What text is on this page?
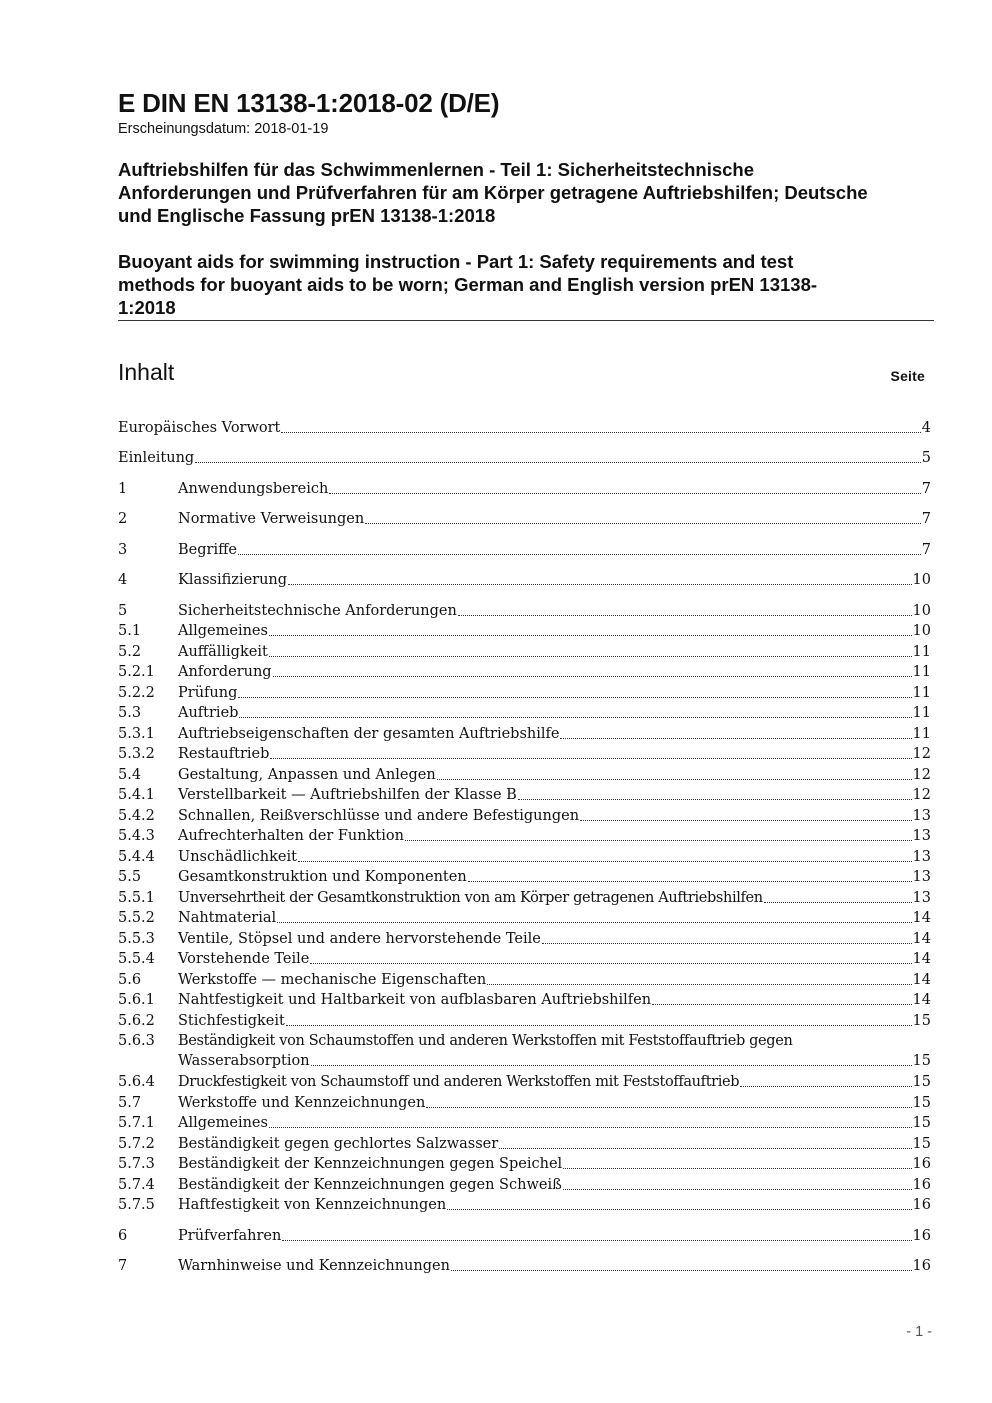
E DIN EN 13138-1:2018-02 (D/E)
Erscheinungsdatum: 2018-01-19
Auftriebshilfen für das Schwimmenlernen - Teil 1: Sicherheitstechnische
Anforderungen und Prüfverfahren für am Körper getragene Auftriebshilfen; Deutsche
und Englische Fassung prEN 13138-1:2018
Buoyant aids for swimming instruction - Part 1: Safety requirements and test
methods for buoyant aids to be worn; German and English version prEN 13138-
1:2018
Inhalt	Seite
Europäisches Vorwort	4
Einleitung	5
1	Anwendungsbereich	7
2	Normative Verweisungen	7
3	Begriffe	7
4	Klassifizierung	10
5	Sicherheitstechnische Anforderungen	10
5.1	Allgemeines	10
5.2	Auffälligkeit	11
5.2.1 Anforderung	11
5.2.2 Prüfung	11
5.3	Auftrieb	11
5.3.1 Auftriebseigenschaften der gesamten Auftriebshilfe	11
5.3.2 Restauftrieb	12
5.4	Gestaltung, Anpassen und Anlegen	12
5.4.1 Verstellbarkeit — Auftriebshilfen der Klasse B	12
5.4.2 Schnallen, Reißverschlüsse und andere Befestigungen	13
5.4.3 Aufrechterhalten der Funktion	13
5.4.4 Unschädlichkeit	13
5.5	Gesamtkonstruktion und Komponenten	13
5.5.1 Unversehrtheit der Gesamtkonstruktion von am Körper getragenen Auftriebshilfen	13
5.5.2 Nahtmaterial	14
5.5.3 Ventile, Stöpsel und andere hervorstehende Teile	14
5.5.4 Vorstehende Teile	14
5.6	Werkstoffe — mechanische Eigenschaften	14
5.6.1 Nahtfestigkeit und Haltbarkeit von aufblasbaren Auftriebshilfen	14
5.6.2 Stichfestigkeit	15
5.6.3 Beständigkeit von Schaumstoffen und anderen Werkstoffen mit Feststoffauftrieb gegen
Wasserabsorption	15
5.6.4 Druckfestigkeit von Schaumstoff und anderen Werkstoffen mit Feststoffauftrieb	15
5.7	Werkstoffe und Kennzeichnungen	15
5.7.1 Allgemeines	15
5.7.2 Beständigkeit gegen gechlortes Salzwasser	15
5.7.3 Beständigkeit der Kennzeichnungen gegen Speichel	16
5.7.4 Beständigkeit der Kennzeichnungen gegen Schweiß	16
5.7.5 Haftfestigkeit von Kennzeichnungen	16
6	Prüfverfahren	16
7	Warnhinweise und Kennzeichnungen	16
- 1 -
